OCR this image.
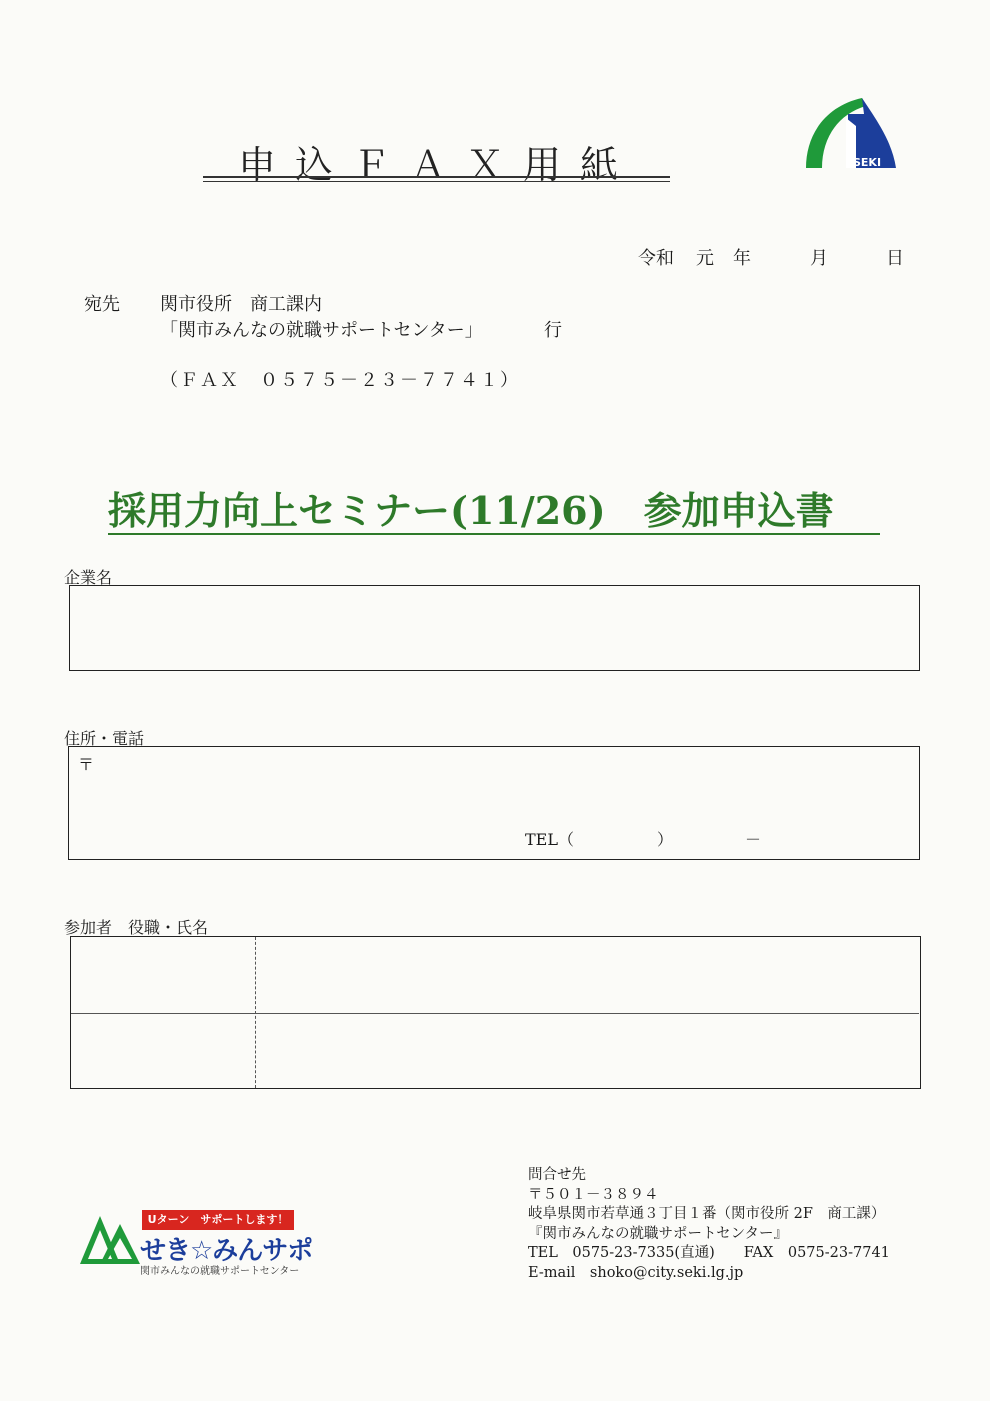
申込ＦＡＸ用紙	SEKI
令和 元 年	月	日
宛先 関市役所　商工課内
「関市みんなの就職サポートセンター」	行
（ＦＡＸ　０５７５－２３－７７４１）
採用力向上セミナー(11/26)　参加申込書
企業名
住所・電話
〒
TEL（	）	－
参加者　役職・氏名
問合せ先
〒５０１－３８９４
岐阜県関市若草通３丁目１番（関市役所 2F　商工課）
『関市みんなの就職サポートセンター』
TEL　0575-23-7335(直通)　　FAX　0575-23-7741
E-mail　shoko@city.seki.lg.jp
Uターン　サポートします！
せき☆みんサポ
関市みんなの就職サポートセンター
